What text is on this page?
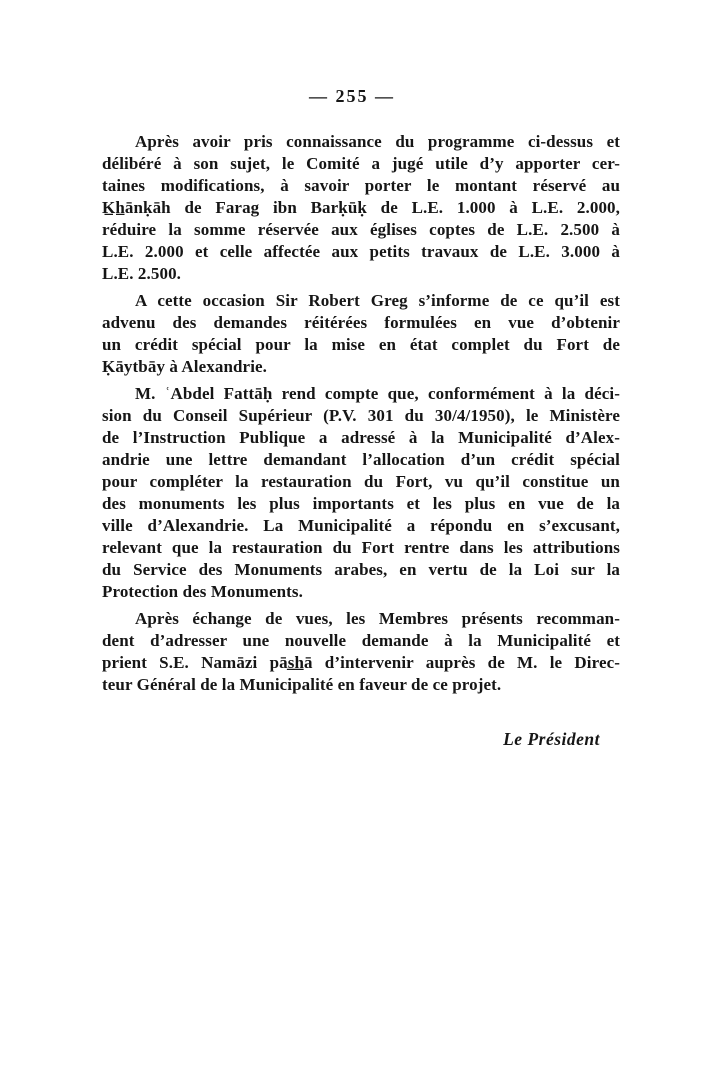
— 255 —
Après avoir pris connaissance du programme ci-dessus et
délibéré à son sujet, le Comité a jugé utile d’y apporter cer-
taines modifications, à savoir porter le montant réservé au
K̲h̲ānḳāh de Farag ibn Barḳūḳ de L.E. 1.000 à L.E. 2.000,
réduire la somme réservée aux églises coptes de L.E. 2.500 à
L.E. 2.000 et celle affectée aux petits travaux de L.E. 3.000 à
L.E. 2.500.
A cette occasion Sir Robert Greg s’informe de ce qu’il est
advenu des demandes réitérées formulées en vue d’obtenir
un crédit spécial pour la mise en état complet du Fort de
Ḳāytbāy à Alexandrie.
M. ʿAbdel Fattāḥ rend compte que, conformément à la déci-
sion du Conseil Supérieur (P.V. 301 du 30/4/1950), le Ministère
de l’Instruction Publique a adressé à la Municipalité d’Alex-
andrie une lettre demandant l’allocation d’un crédit spécial
pour compléter la restauration du Fort, vu qu’il constitue un
des monuments les plus importants et les plus en vue de la
ville d’Alexandrie. La Municipalité a répondu en s’excusant,
relevant que la restauration du Fort rentre dans les attributions
du Service des Monuments arabes, en vertu de la Loi sur la
Protection des Monuments.
Après échange de vues, les Membres présents recomman-
dent d’adresser une nouvelle demande à la Municipalité et
prient S.E. Namāzi pās̲h̲ā d’intervenir auprès de M. le Direc-
teur Général de la Municipalité en faveur de ce projet.
Le Président
